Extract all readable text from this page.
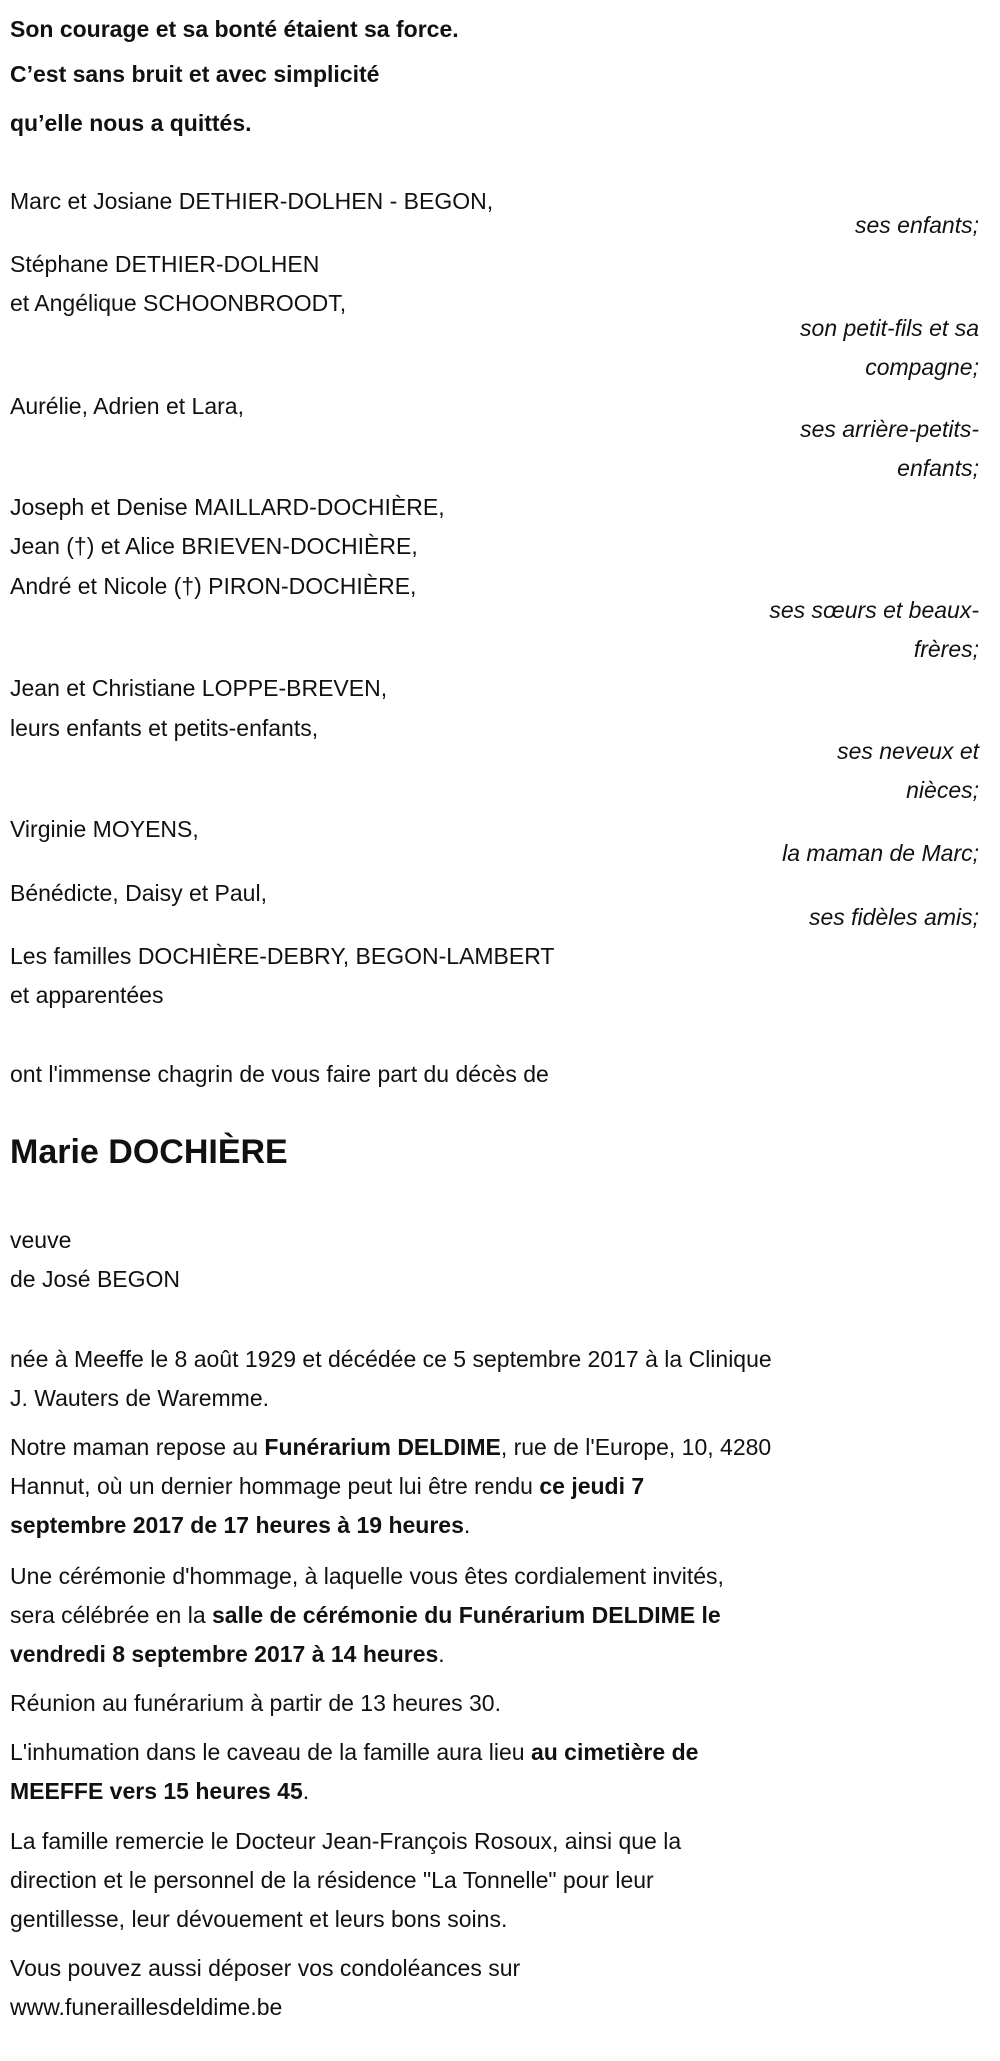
Son courage et sa bonté étaient sa force.
C’est sans bruit et avec simplicité
qu’elle nous a quittés.
Marc et Josiane DETHIER-DOLHEN - BEGON,
ses enfants;
Stéphane DETHIER-DOLHEN
et Angélique SCHOONBROODT,
son petit-fils et sa
compagne;
Aurélie, Adrien et Lara,
ses arrière-petits-
enfants;
Joseph et Denise MAILLARD-DOCHIÈRE,
Jean (†) et Alice BRIEVEN-DOCHIÈRE,
André et Nicole (†) PIRON-DOCHIÈRE,
ses sœurs et beaux-
frères;
Jean et Christiane LOPPE-BREVEN,
leurs enfants et petits-enfants,
ses neveux et
nièces;
Virginie MOYENS,
la maman de Marc;
Bénédicte, Daisy et Paul,
ses fidèles amis;
Les familles DOCHIÈRE-DEBRY, BEGON-LAMBERT
et apparentées
ont l'immense chagrin de vous faire part du décès de
Marie DOCHIÈRE
veuve
de José BEGON
née à Meeffe le 8 août 1929 et décédée ce 5 septembre 2017 à la Clinique
J. Wauters de Waremme.
Notre maman repose au Funérarium DELDIME, rue de l'Europe, 10, 4280
Hannut, où un dernier hommage peut lui être rendu ce jeudi 7
septembre 2017 de 17 heures à 19 heures.
Une cérémonie d'hommage, à laquelle vous êtes cordialement invités,
sera célébrée en la salle de cérémonie du Funérarium DELDIME le
vendredi 8 septembre 2017 à 14 heures.
Réunion au funérarium à partir de 13 heures 30.
L'inhumation dans le caveau de la famille aura lieu au cimetière de
MEEFFE vers 15 heures 45.
La famille remercie le Docteur Jean-François Rosoux, ainsi que la
direction et le personnel de la résidence "La Tonnelle" pour leur
gentillesse, leur dévouement et leurs bons soins.
Vous pouvez aussi déposer vos condoléances sur
www.funeraillesdeldime.be
